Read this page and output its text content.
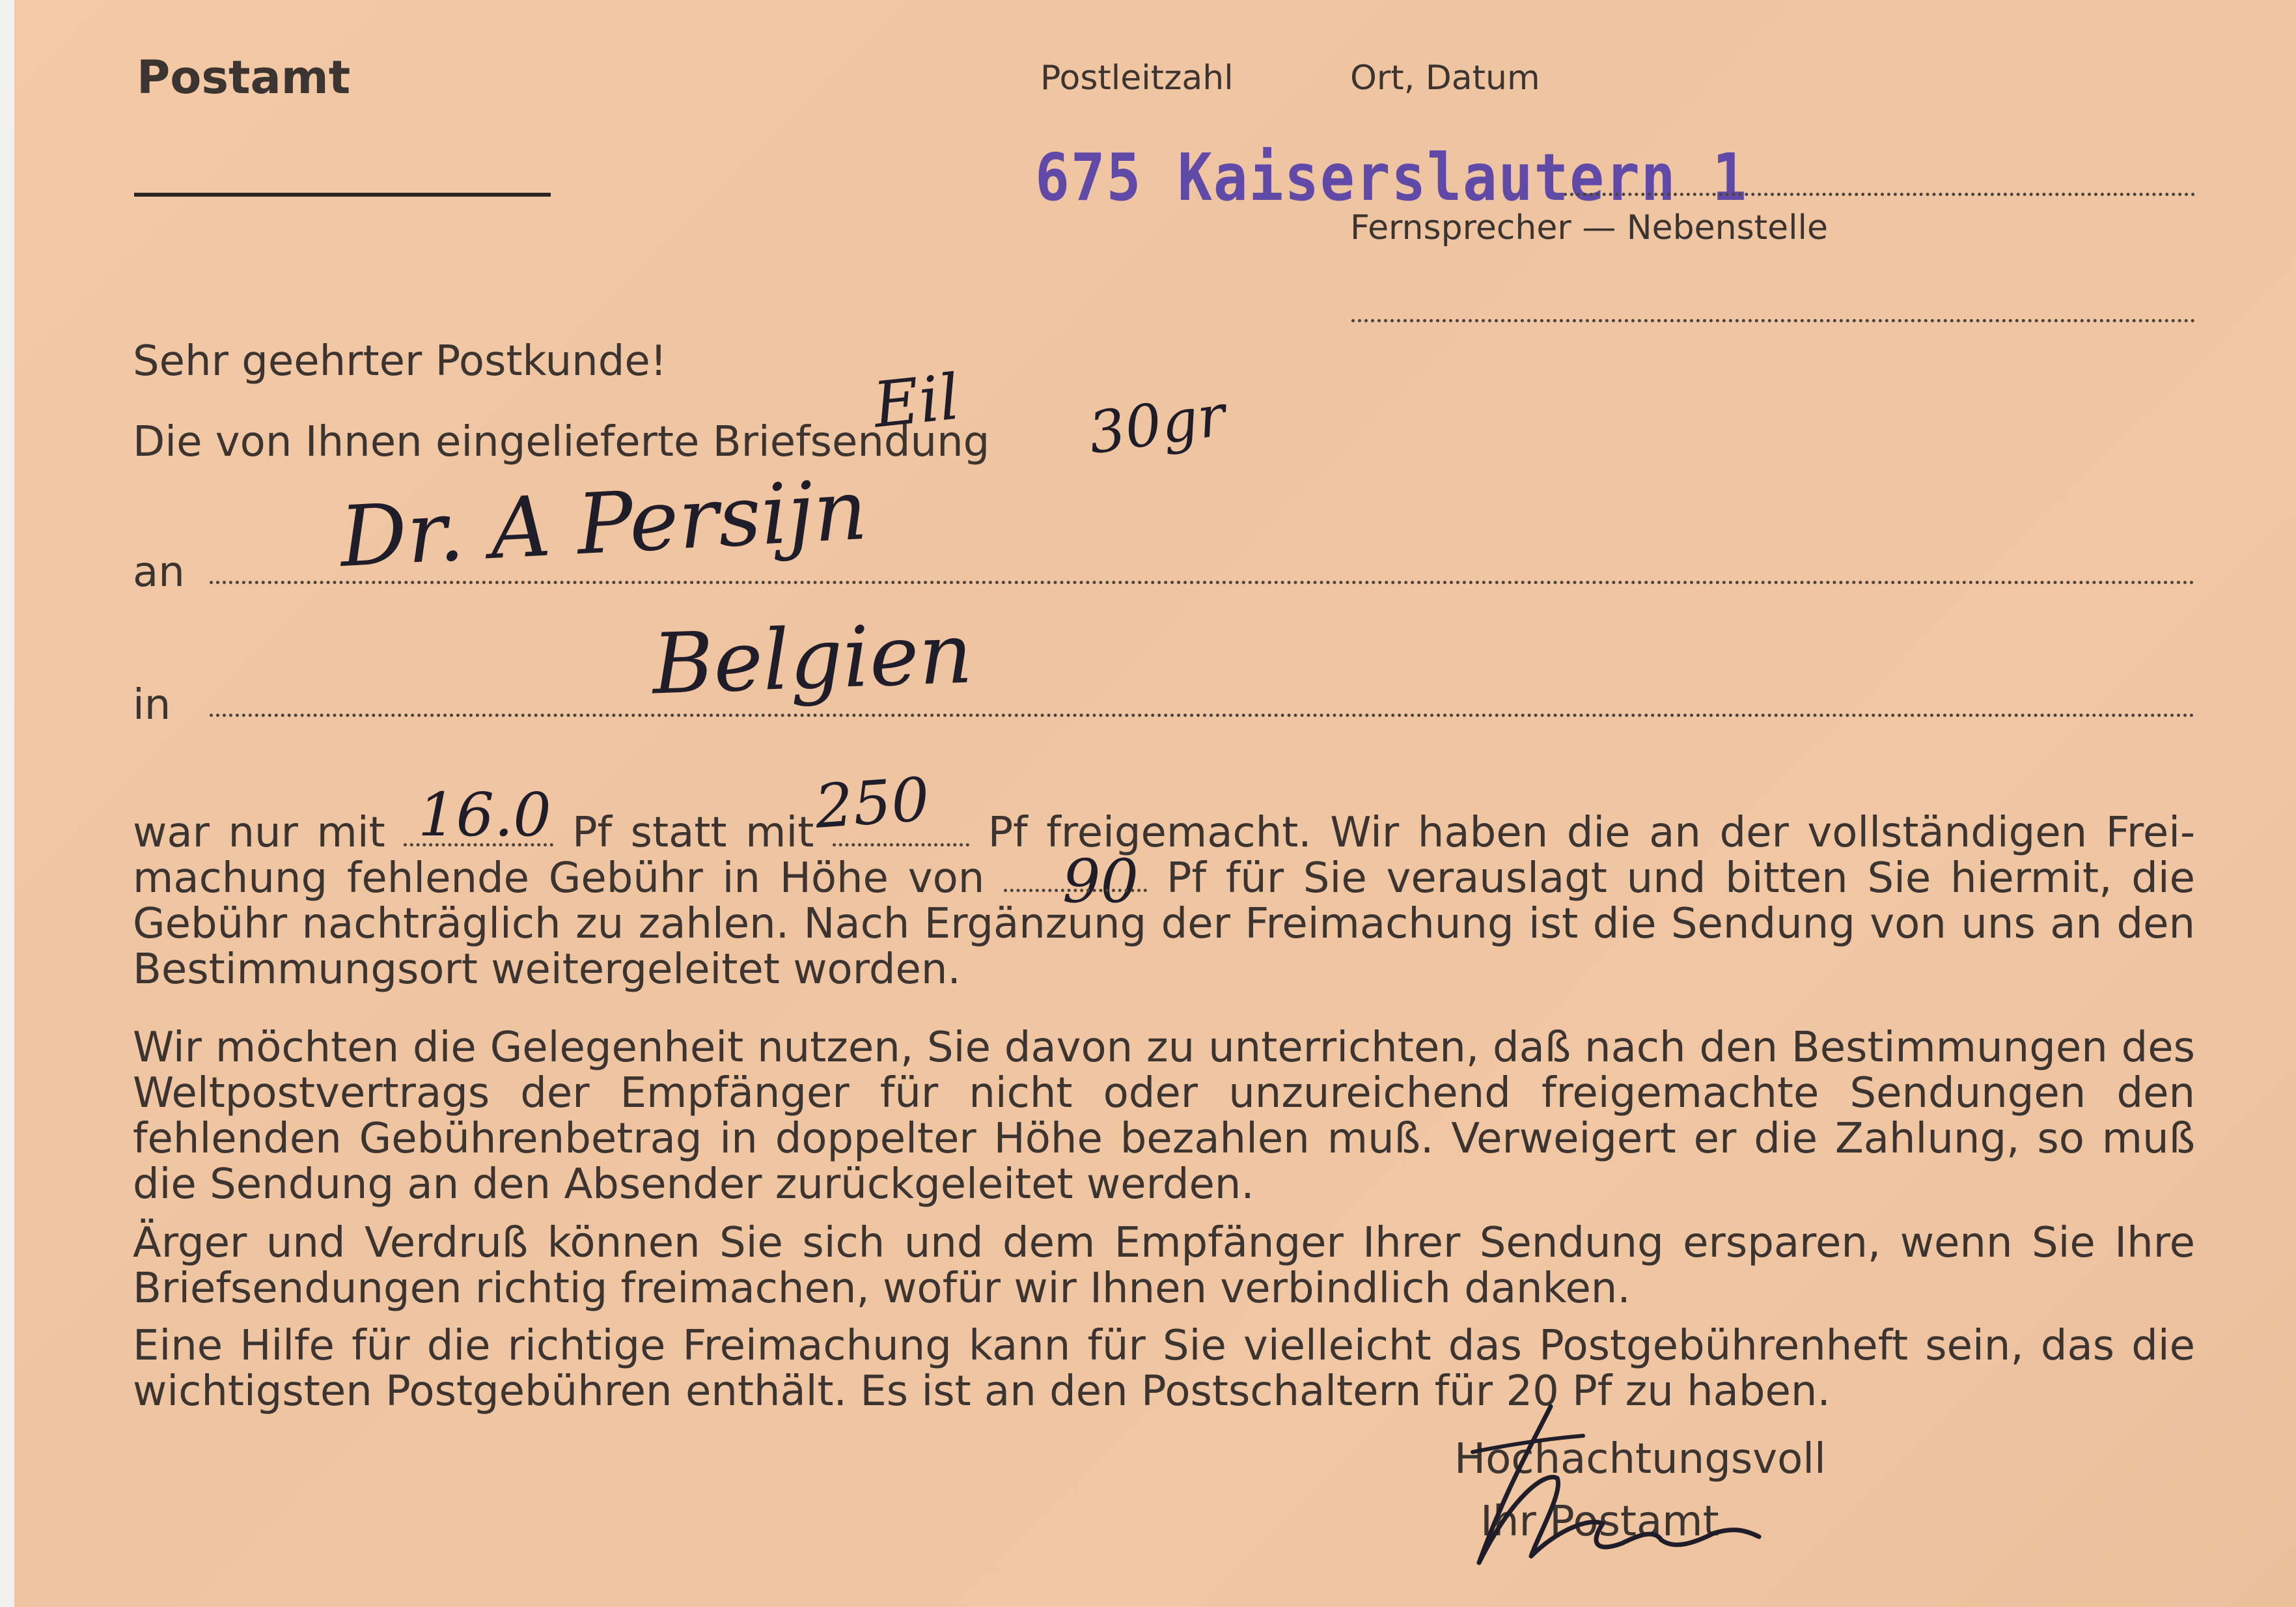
Postamt	Postleitzahl	Ort, Datum
675 Kaiserslautern 1
Fernsprecher — Nebenstelle
Sehr geehrter Postkunde!
Die von Ihnen eingelieferte Briefsendung
Eil 30gr
an Dr. A Persijn
in	Belgien
16.0	250
90
war nur mit	Pf statt mit	Pf freigemacht. Wir haben die an der vollständigen Frei-machung fehlende Gebühr in Höhe von	Pf für Sie verauslagt und bitten Sie hiermit, die Gebühr nachträglich zu zahlen. Nach Ergänzung der Freimachung ist die Sendung von uns an den Bestimmungsort weitergeleitet worden.
Wir möchten die Gelegenheit nutzen, Sie davon zu unterrichten, daß nach den Bestimmungen des Weltpostvertrags der Empfänger für nicht oder unzureichend freigemachte Sendungen den fehlenden Gebührenbetrag in doppelter Höhe bezahlen muß. Verweigert er die Zahlung, so muß die Sendung an den Absender zurückgeleitet werden.
Ärger und Verdruß können Sie sich und dem Empfänger Ihrer Sendung ersparen, wenn Sie Ihre Briefsendungen richtig freimachen, wofür wir Ihnen verbindlich danken.
Eine Hilfe für die richtige Freimachung kann für Sie vielleicht das Postgebührenheft sein, das die wichtigsten Postgebühren enthält. Es ist an den Postschaltern für 20 Pf zu haben.
Hochachtungsvoll
Ihr Postamt
